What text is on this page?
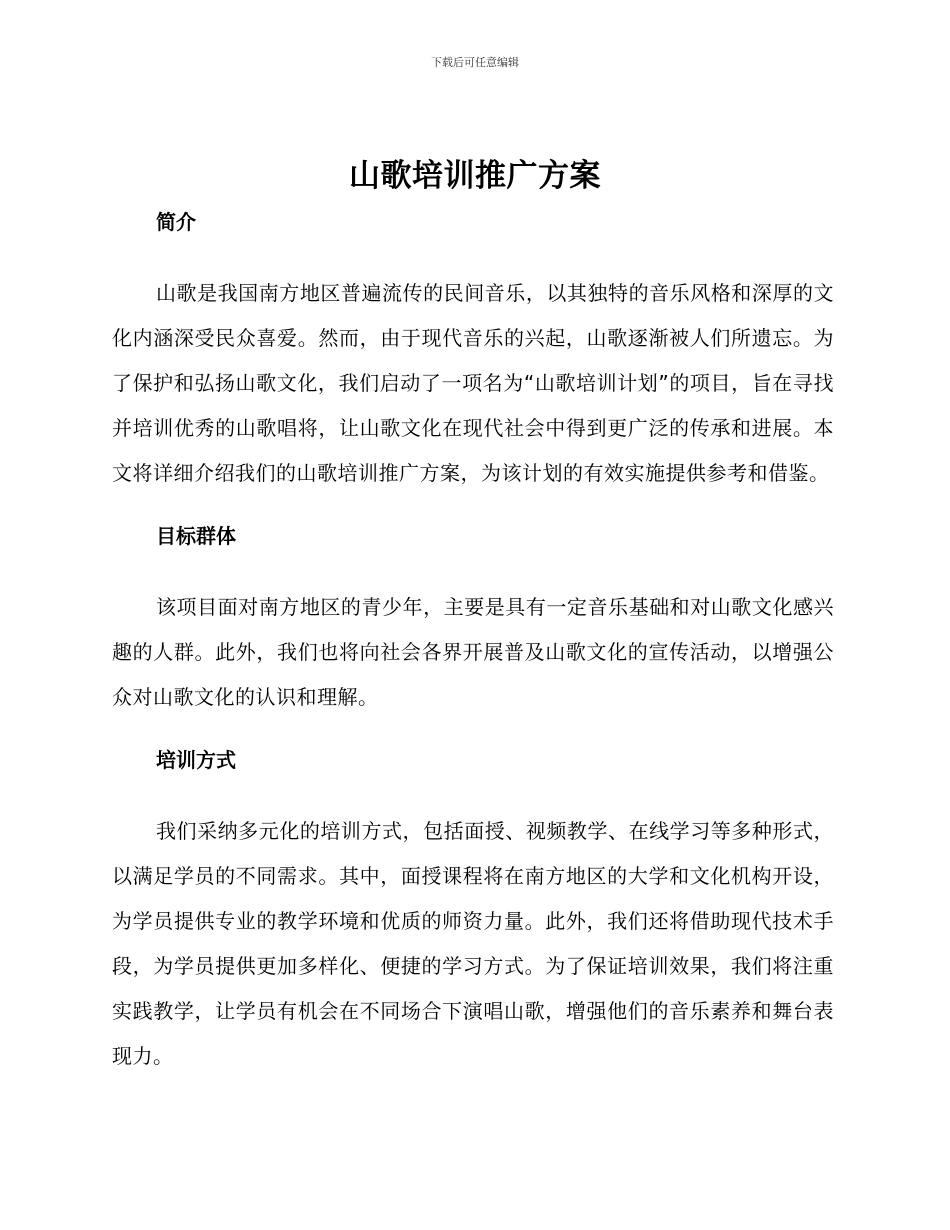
下载后可任意编辑
山歌培训推广方案
简介

山歌是我国南方地区普遍流传的民间音乐，以其独特的音乐风格和深厚的文化内涵深受民众喜爱。然而，由于现代音乐的兴起，山歌逐渐被人们所遗忘。为了保护和弘扬山歌文化，我们启动了一项名为“山歌培训计划”的项目，旨在寻找并培训优秀的山歌唱将，让山歌文化在现代社会中得到更广泛的传承和进展。本文将详细介绍我们的山歌培训推广方案，为该计划的有效实施提供参考和借鉴。

目标群体

该项目面对南方地区的青少年，主要是具有一定音乐基础和对山歌文化感兴趣的人群。此外，我们也将向社会各界开展普及山歌文化的宣传活动，以增强公众对山歌文化的认识和理解。

培训方式

我们采纳多元化的培训方式，包括面授、视频教学、在线学习等多种形式，以满足学员的不同需求。其中，面授课程将在南方地区的大学和文化机构开设，为学员提供专业的教学环境和优质的师资力量。此外，我们还将借助现代技术手段，为学员提供更加多样化、便捷的学习方式。为了保证培训效果，我们将注重实践教学，让学员有机会在不同场合下演唱山歌，增强他们的音乐素养和舞台表现力。
